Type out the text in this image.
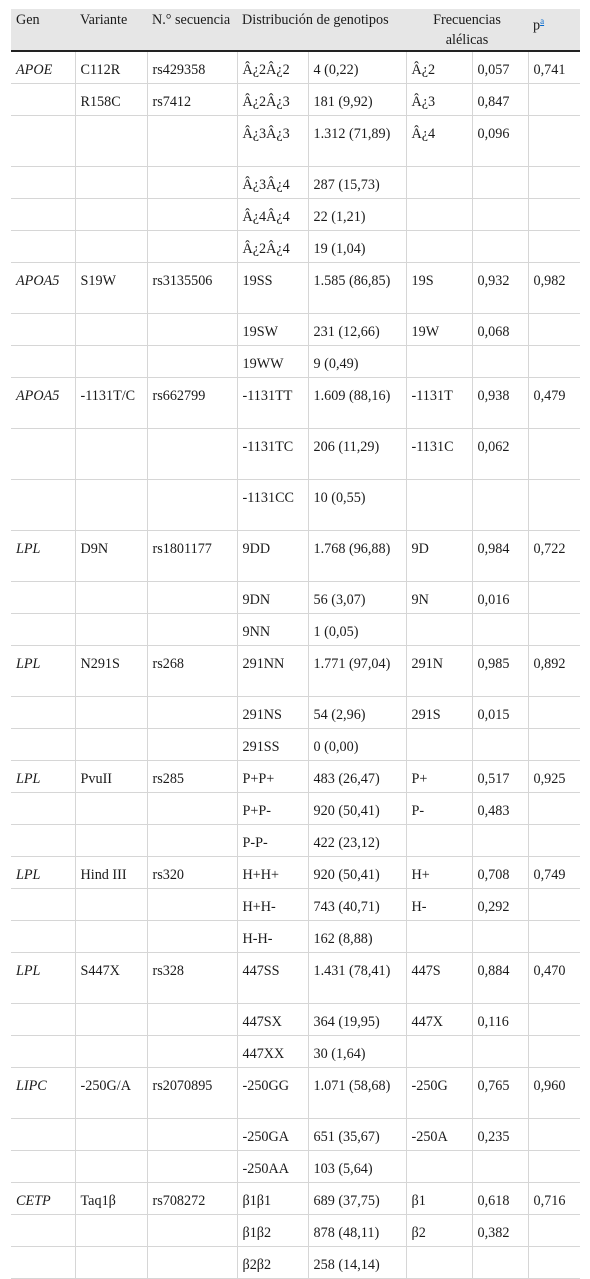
Gen	Variante	N.° secuencia	Distribución de genotipos		Frecuencias alélicas		p$^a$
APOE	C112R	rs429358	Â¿2Â¿2	4 (0,22)	Â¿2	0,057	0,741
	R158C	rs7412	Â¿2Â¿3	181 (9,92)	Â¿3	0,847	
			Â¿3Â¿3	1.312 (71,89)	Â¿4	0,096	
			Â¿3Â¿4	287 (15,73)			
			Â¿4Â¿4	22 (1,21)			
			Â¿2Â¿4	19 (1,04)			
APOA5	S19W	rs3135506	19SS	1.585 (86,85)	19S	0,932	0,982
			19SW	231 (12,66)	19W	0,068	
			19WW	9 (0,49)			
APOA5	-1131T/C	rs662799	-1131TT	1.609 (88,16)	-1131T	0,938	0,479
			-1131TC	206 (11,29)	-1131C	0,062	
			-1131CC	10 (0,55)			
LPL	D9N	rs1801177	9DD	1.768 (96,88)	9D	0,984	0,722
			9DN	56 (3,07)	9N	0,016	
			9NN	1 (0,05)			
LPL	N291S	rs268	291NN	1.771 (97,04)	291N	0,985	0,892
			291NS	54 (2,96)	291S	0,015	
			291SS	0 (0,00)			
LPL	PvuII	rs285	P+P+	483 (26,47)	P+	0,517	0,925
			P+P-	920 (50,41)	P-	0,483	
			P-P-	422 (23,12)			
LPL	Hind III	rs320	H+H+	920 (50,41)	H+	0,708	0,749
			H+H-	743 (40,71)	H-	0,292	
			H-H-	162 (8,88)			
LPL	S447X	rs328	447SS	1.431 (78,41)	447S	0,884	0,470
			447SX	364 (19,95)	447X	0,116	
			447XX	30 (1,64)			
LIPC	-250G/A	rs2070895	-250GG	1.071 (58,68)	-250G	0,765	0,960
			-250GA	651 (35,67)	-250A	0,235	
			-250AA	103 (5,64)			
CETP	Taq1β	rs708272	β1β1	689 (37,75)	β1	0,618	0,716
			β1β2	878 (48,11)	β2	0,382	
			β2β2	258 (14,14)			
